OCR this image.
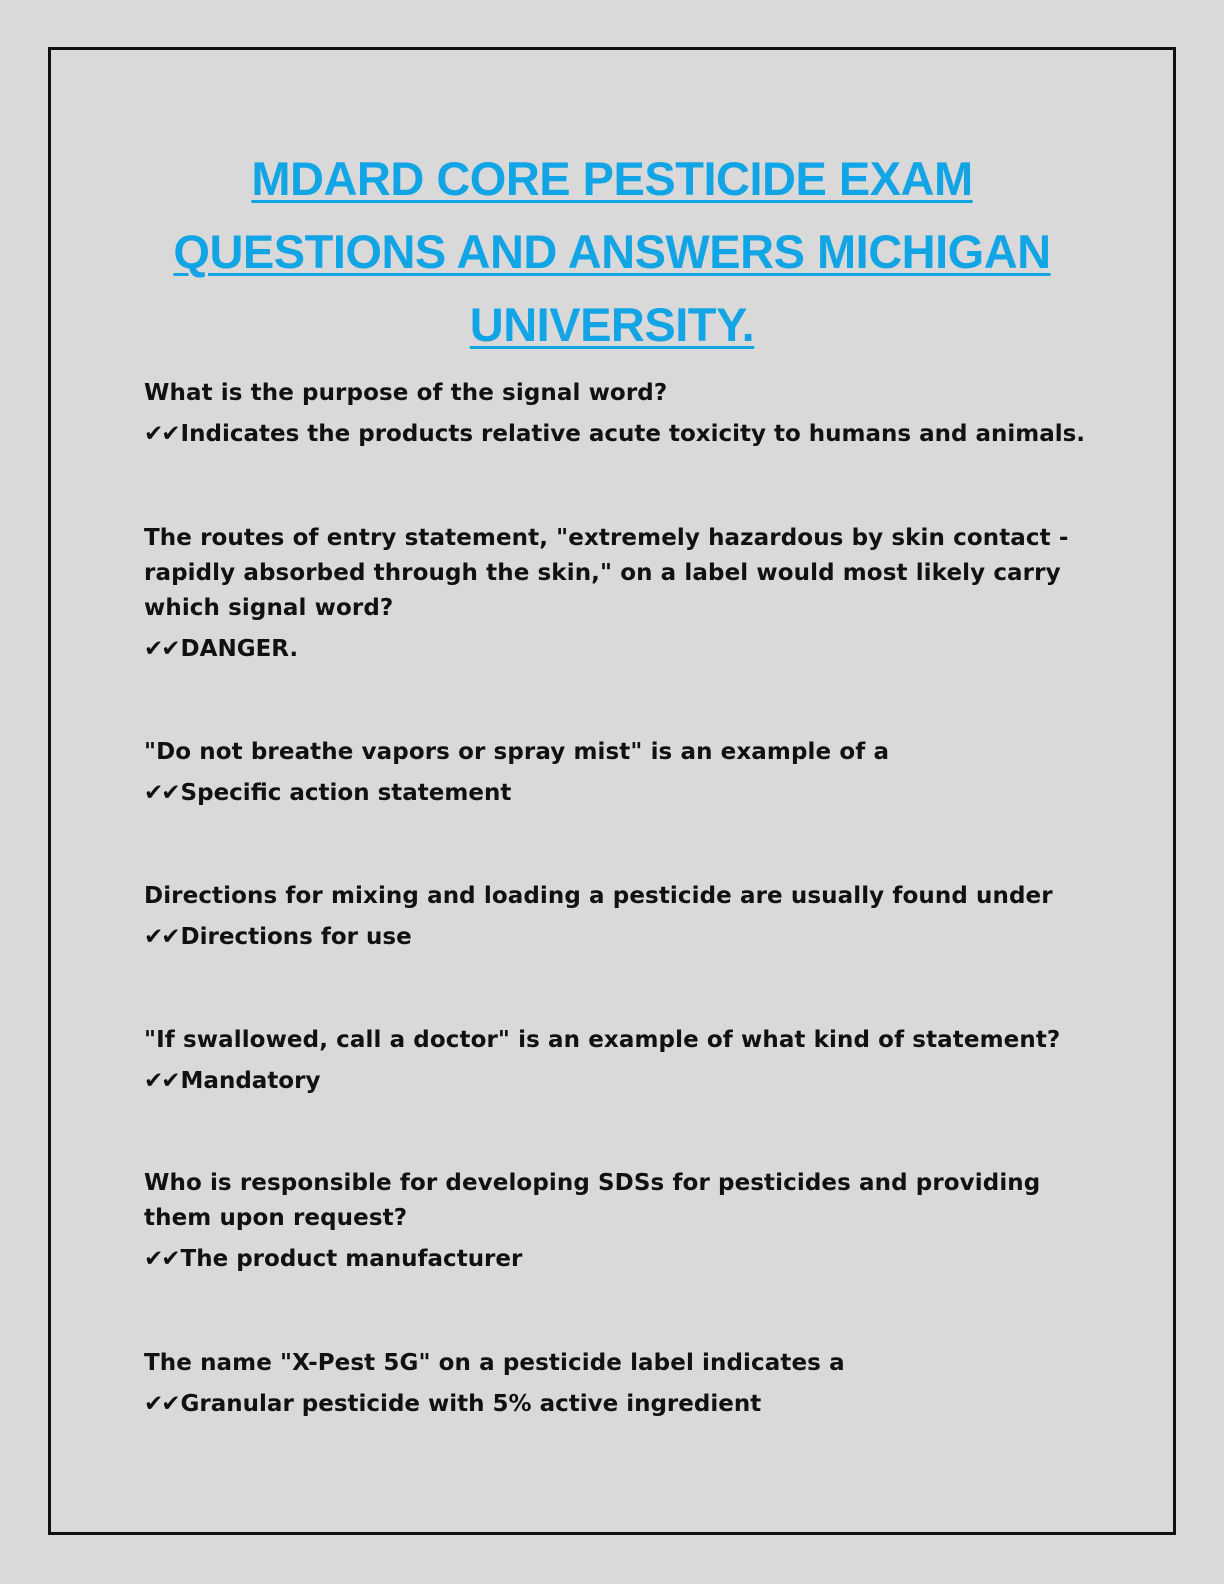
MDARD CORE PESTICIDE EXAM
QUESTIONS AND ANSWERS MICHIGAN
UNIVERSITY.

What is the purpose of the signal word?

✔✔Indicates the products relative acute toxicity to humans and animals.

The routes of entry statement, "extremely hazardous by skin contact - rapidly absorbed through the skin," on a label would most likely carry which signal word?

✔✔DANGER.

"Do not breathe vapors or spray mist" is an example of a

✔✔Specific action statement

Directions for mixing and loading a pesticide are usually found under

✔✔Directions for use

"If swallowed, call a doctor" is an example of what kind of statement?

✔✔Mandatory

Who is responsible for developing SDSs for pesticides and providing them upon request?

✔✔The product manufacturer

The name "X-Pest 5G" on a pesticide label indicates a

✔✔Granular pesticide with 5% active ingredient
